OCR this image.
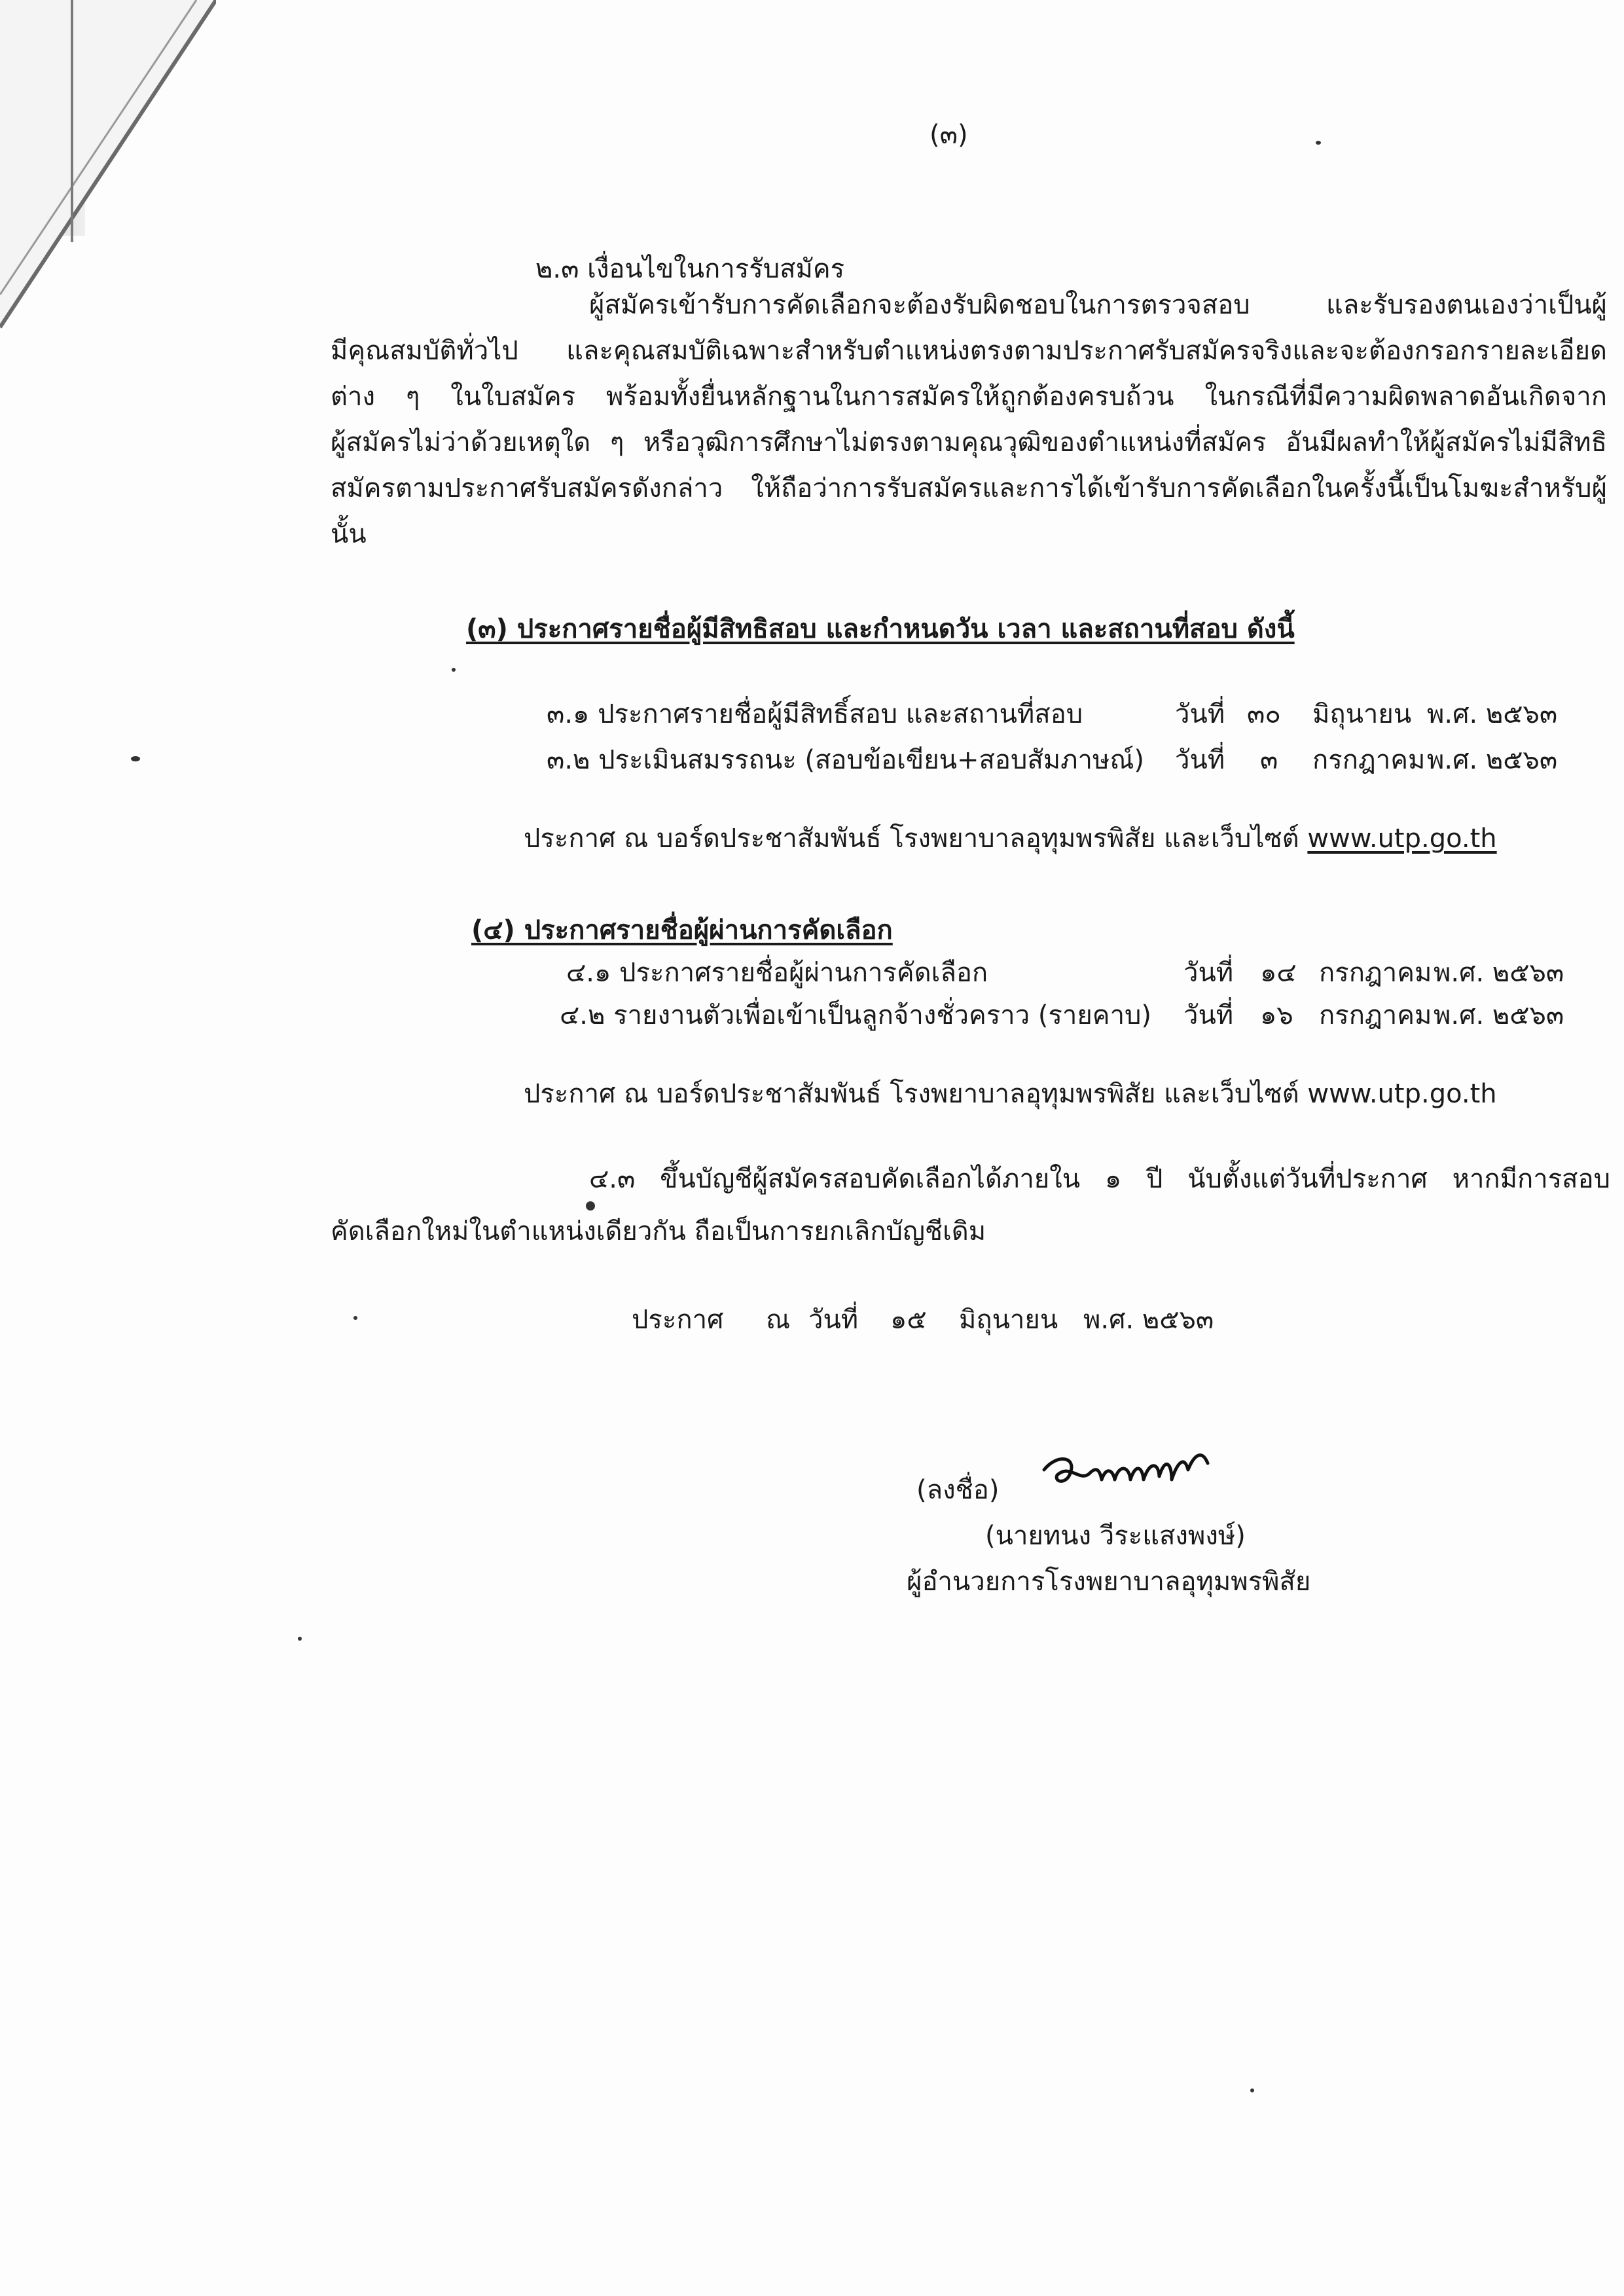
(๓)
๒.๓ เงื่อนไขในการรับสมัคร
ผู้สมัครเข้ารับการคัดเลือกจะต้องรับผิดชอบในการตรวจสอบ และรับรองตนเองว่าเป็นผู้
มีคุณสมบัติทั่วไป และคุณสมบัติเฉพาะสำหรับตำแหน่งตรงตามประกาศรับสมัครจริงและจะต้องกรอกรายละเอียด
ต่าง ๆ ในใบสมัคร พร้อมทั้งยื่นหลักฐานในการสมัครให้ถูกต้องครบถ้วน ในกรณีที่มีความผิดพลาดอันเกิดจาก
ผู้สมัครไม่ว่าด้วยเหตุใด ๆ หรือวุฒิการศึกษาไม่ตรงตามคุณวุฒิของตำแหน่งที่สมัคร อันมีผลทำให้ผู้สมัครไม่มีสิทธิ
สมัครตามประกาศรับสมัครดังกล่าว ให้ถือว่าการรับสมัครและการได้เข้ารับการคัดเลือกในครั้งนี้เป็นโมฆะสำหรับผู้
นั้น
(๓) ประกาศรายชื่อผู้มีสิทธิสอบ และกำหนดวัน เวลา และสถานที่สอบ ดังนี้
๓.๑ ประกาศรายชื่อผู้มีสิทธิ์สอบ และสถานที่สอบ	วันที่ ๓๐ มิถุนายน พ.ศ. ๒๕๖๓
๓.๒ ประเมินสมรรถนะ (สอบข้อเขียน+สอบสัมภาษณ์) วันที่ ๓ กรกฎาคม พ.ศ. ๒๕๖๓
ประกาศ ณ บอร์ดประชาสัมพันธ์ โรงพยาบาลอุทุมพรพิสัย และเว็บไซต์ www.utp.go.th
(๔) ประกาศรายชื่อผู้ผ่านการคัดเลือก
๔.๑ ประกาศรายชื่อผู้ผ่านการคัดเลือก	วันที่ ๑๔ กรกฎาคม พ.ศ. ๒๕๖๓
๔.๒ รายงานตัวเพื่อเข้าเป็นลูกจ้างชั่วคราว (รายคาบ) วันที่ ๑๖ กรกฎาคม พ.ศ. ๒๕๖๓
ประกาศ ณ บอร์ดประชาสัมพันธ์ โรงพยาบาลอุทุมพรพิสัย และเว็บไซต์ www.utp.go.th
๔.๓ ขึ้นบัญชีผู้สมัครสอบคัดเลือกได้ภายใน ๑ ปี นับตั้งแต่วันที่ประกาศ หากมีการสอบ
คัดเลือกใหม่ในตำแหน่งเดียวกัน ถือเป็นการยกเลิกบัญชีเดิม
ประกาศ ณ วันที่ ๑๕ มิถุนายน พ.ศ. ๒๕๖๓
(ลงชื่อ)
(นายทนง วีระแสงพงษ์)
ผู้อำนวยการโรงพยาบาลอุทุมพรพิสัย
